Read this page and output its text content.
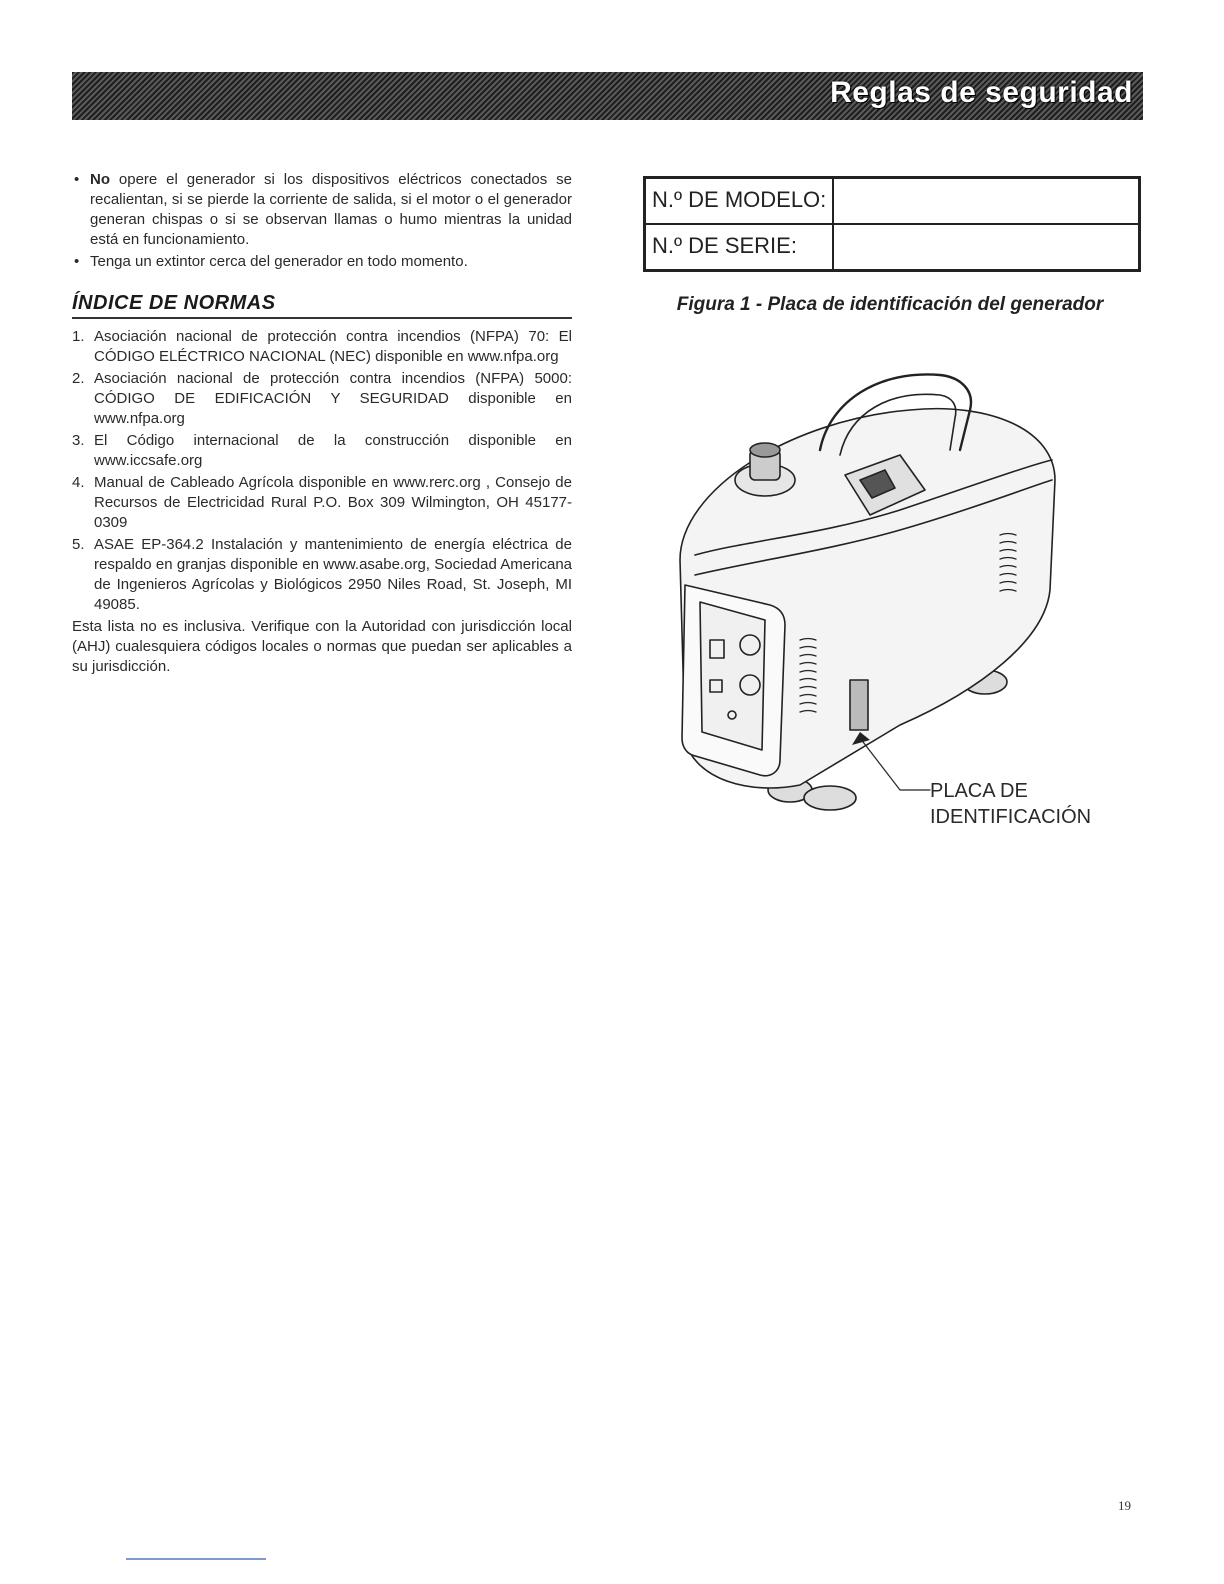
Reglas de seguridad
• No opere el generador si los dispositivos eléctricos conectados se recalientan, si se pierde la corriente de salida, si el motor o el generador generan chispas o si se observan llamas o humo mientras la unidad está en funcionamiento.
• Tenga un extintor cerca del generador en todo momento.
ÍNDICE DE NORMAS
1. Asociación nacional de protección contra incendios (NFPA) 70: El CÓDIGO ELÉCTRICO NACIONAL (NEC) disponible en www.nfpa.org
2. Asociación nacional de protección contra incendios (NFPA) 5000: CÓDIGO DE EDIFICACIÓN Y SEGURIDAD disponible en www.nfpa.org
3. El Código internacional de la construcción disponible en www.iccsafe.org
4. Manual de Cableado Agrícola disponible en www.rerc.org , Consejo de Recursos de Electricidad Rural P.O. Box 309 Wilmington, OH 45177-0309
5. ASAE EP-364.2 Instalación y mantenimiento de energía eléctrica de respaldo en granjas disponible en www.asabe.org, Sociedad Americana de Ingenieros Agrícolas y Biológicos 2950 Niles Road, St. Joseph, MI 49085.
Esta lista no es inclusiva. Verifique con la Autoridad con jurisdicción local (AHJ) cualesquiera códigos locales o normas que puedan ser aplicables a su jurisdicción.
N.º DE MODELO:
N.º DE SERIE:
Figura 1 - Placa de identificación del generador
PLACA DE
IDENTIFICACIÓN
19
